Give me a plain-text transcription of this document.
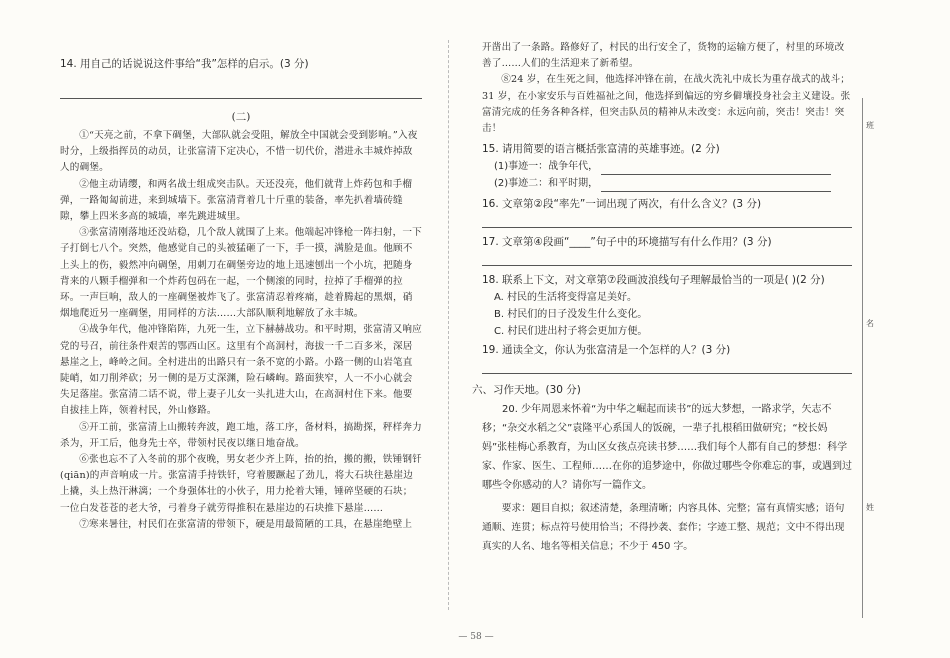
14. 用自己的话说说这件事给“我”怎样的启示。(3 分)

(二)

①“天亮之前，不拿下碉堡，大部队就会受阻，解放全中国就会受到影响。”入夜时分，上级指挥员的动员，让张富清下定决心，不惜一切代价，潜进永丰城炸掉敌人的碉堡。

②他主动请缨，和两名战士组成突击队。天还没亮，他们就背上炸药包和手榴弹，一路匍匐前进，来到城墙下。张富清背着几十斤重的装备，率先扒着墙砖缝隙，攀上四米多高的城墙，率先跳进城里。

③张富清刚落地还没站稳，几个敌人就围了上来。他端起冲锋枪一阵扫射，一下子打倒七八个。突然，他感觉自己的头被猛砸了一下，手一摸，满脸是血。他顾不上头上的伤，毅然冲向碉堡，用刺刀在碉堡旁边的地上迅速刨出一个小坑，把随身背来的八颗手榴弹和一个炸药包码在一起，一个侧滚的同时，拉掉了手榴弹的拉环。一声巨响，敌人的一座碉堡被炸飞了。张富清忍着疼痛，趁着腾起的黑烟，硝烟地爬近另一座碉堡，用同样的方法……大部队顺利地解放了永丰城。

④战争年代，他冲锋陷阵，九死一生，立下赫赫战功。和平时期，张富清又响应党的号召，前往条件艰苦的鄂西山区。这里有个高洞村，海拔一千二百多米，深居悬崖之上，峰岭之间。全村进出的出路只有一条不宽的小路。小路一侧的山岩笔直陡峭，如刀削斧砍；另一侧的是万丈深渊，险石嶙峋。路面狭窄，人一不小心就会失足落崖。张富清二话不说，带上妻子儿女一头扎进大山，在高洞村住下来。他要自拔挂上阵，领着村民，外山修路。

⑤开工前，张富清上山搬转奔波，跑工地，落工序，备材料，搞勘探，秤样奔力杀为，开工后，他身先士卒，带领村民夜以继日地奋战。

⑥张也忘不了入冬前的那个夜晚，男女老少齐上阵，抬的抬，搬的搬，铁锤钢钎(qiān)的声音响成一片。张富清手持铁钎，穹着腰蹶起了劲儿，将大石块往悬崖边上撬，头上热汗淋漓；一个身强体壮的小伙子，用力抡着大锤，锤碎坚硬的石块；一位白发苍苍的老大爷，弓着身子就劳得推积在悬崖边的石块推下悬崖……

⑦寒来暑往，村民们在张富清的带领下，硬是用最简陋的工具，在悬崖绝壁上

开凿出了一条路。路修好了，村民的出行安全了，货物的运输方便了，村里的环境改善了……人们的生活迎来了新希望。

⑧24 岁，在生死之间，他选择冲锋在前，在战火洗礼中成长为重存战式的战斗；31 岁，在小家安乐与百姓福祉之间，他选择到偏远的穷乡僻壤投身社会主义建设。张富清完成的任务各种各样，但突击队员的精神从未改变：永远向前，突击！突击！突击！

15. 请用简要的语言概括张富清的英雄事迹。(2 分)

(1)事迹一：战争年代，
(2)事迹二：和平时期，

16. 文章第②段“率先”一词出现了两次，有什么含义？(3 分)

17. 文章第④段画“____”句子中的环境描写有什么作用？(3 分)

18. 联系上下文，对文章第⑦段画波浪线句子理解最恰当的一项是( )(2 分)

A. 村民的生活将变得富足美好。
B. 村民们的日子没发生什么变化。
C. 村民们进出村子将会更加方便。

19. 通读全文，你认为张富清是一个怎样的人？(3 分)

六、习作天地。(30 分)

20. 少年周恩来怀着“为中华之崛起而读书”的远大梦想，一路求学，矢志不移；“杂交水稻之父”袁隆平心系国人的饭碗，一辈子扎根稻田做研究；“校长妈妈”张桂梅心系教育，为山区女孩点亮读书梦……我们每个人都有自己的梦想：科学家、作家、医生、工程师……在你的追梦途中，你做过哪些令你难忘的事，或遇到过哪些令你感动的人？请你写一篇作文。

要求：题目自拟；叙述清楚，条理清晰；内容具体、完整；富有真情实感；语句通顺、连贯；标点符号使用恰当；不得抄袭、套作；字迹工整、规范；文中不得出现真实的人名、地名等相关信息；不少于 450 字。

班
名
姓
— 58 —
